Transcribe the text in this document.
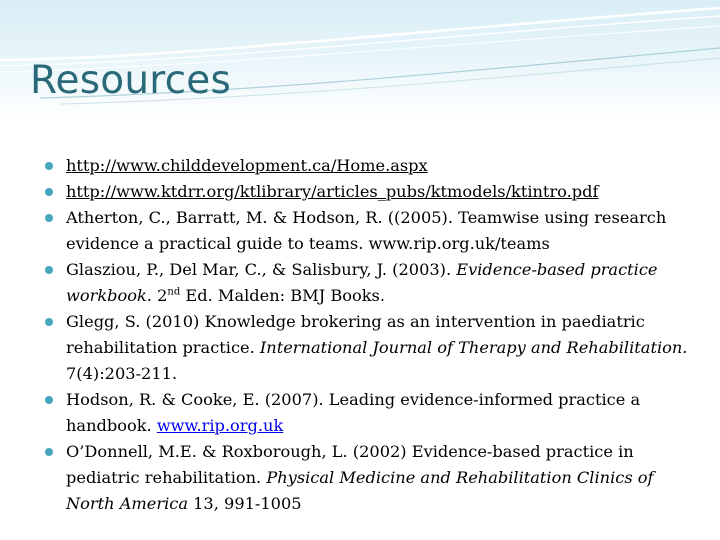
Resources
http://www.childdevelopment.ca/Home.aspx
http://www.ktdrr.org/ktlibrary/articles_pubs/ktmodels/ktintro.pdf
Atherton, C., Barratt, M. & Hodson, R. ((2005). Teamwise using research evidence a practical guide to teams. www.rip.org.uk/teams
Glasziou, P., Del Mar, C., & Salisbury, J. (2003). Evidence-based practice workbook. 2nd Ed. Malden: BMJ Books.
Glegg, S. (2010) Knowledge brokering as an intervention in paediatric rehabilitation practice. International Journal of Therapy and Rehabilitation. 7(4):203-211.
Hodson, R. & Cooke, E. (2007). Leading evidence-informed practice a handbook. www.rip.org.uk
O’Donnell, M.E. & Roxborough, L. (2002) Evidence-based practice in pediatric rehabilitation. Physical Medicine and Rehabilitation Clinics of North America 13, 991-1005
